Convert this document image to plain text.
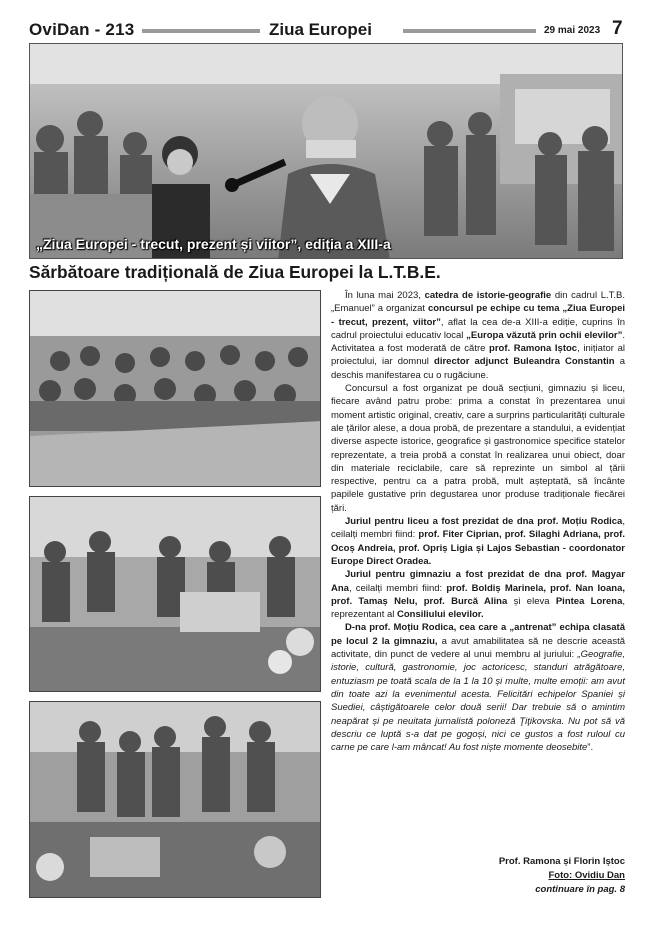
OviDan - 213	Ziua Europei	29 mai 2023 7
„Ziua Europei - trecut, prezent și viitor”, ediția a XIII-a
Sărbătoare tradițională de Ziua Europei la L.T.B.E.

În luna mai 2023, catedra de istorie-geografie din cadrul L.T.B. „Emanuel” a organizat concursul pe echipe cu tema „Ziua Europei - trecut, prezent, viitor”, aflat la cea de-a XIII-a ediție, cuprins în cadrul proiectului educativ local „Europa văzută prin ochii elevilor”. Activitatea a fost moderată de către prof. Ramona Iștoc, inițiator al proiectului, iar domnul director adjunct Buleandra Constantin a deschis manifestarea cu o rugăciune.

Concursul a fost organizat pe două secțiuni, gimnaziu și liceu, fiecare având patru probe: prima a constat în prezentarea unui moment artistic original, creativ, care a surprins particularități culturale ale țărilor alese, a doua probă, de prezentare a standului, a evidențiat diverse aspecte istorice, geografice și gastronomice specifice statelor reprezentate, a treia probă a constat în realizarea unui obiect, doar din materiale reciclabile, care să reprezinte un simbol al țării respective, pentru ca a patra probă, mult așteptată, să încânte papilele gustative prin degustarea unor produse tradiționale fiecărei țări.

Juriul pentru liceu a fost prezidat de dna prof. Moțiu Rodica, ceilalți membri fiind: prof. Fiter Ciprian, prof. Silaghi Adriana, prof. Ocoș Andreia, prof. Opriș Ligia și Lajos Sebastian - coordonator Europe Direct Oradea.

Juriul pentru gimnaziu a fost prezidat de dna prof. Magyar Ana, ceilalți membri fiind: prof. Boldiș Marinela, prof. Nan Ioana, prof. Tamaș Nelu, prof. Burcă Alina și eleva Pintea Lorena, reprezentant al Consiliului elevilor.

D-na prof. Moțiu Rodica, cea care a „antrenat” echipa clasată pe locul 2 la gimnaziu, a avut amabilitatea să ne descrie această activitate, din punct de vedere al unui membru al juriului: „Geografie, istorie, cultură, gastronomie, joc actoricesc, standuri atrăgătoare, entuziasm pe toată scala de la 1 la 10 și multe, multe emoții: am avut din toate azi la evenimentul acesta. Felicitări echipelor Spaniei și Suediei, câștigătoarele celor două serii! Dar trebuie să o amintim neapărat și pe neuitata jurnalistă poloneză Ţiţikovska. Nu pot să vă descriu ce luptă s-a dat pe gogoși, nici ce gustos a fost ruloul cu carne pe care l-am mâncat! Au fost niște momente deosebite”.

Prof. Ramona și Florin Iștoc
Foto: Ovidiu Dan
continuare în pag. 8
